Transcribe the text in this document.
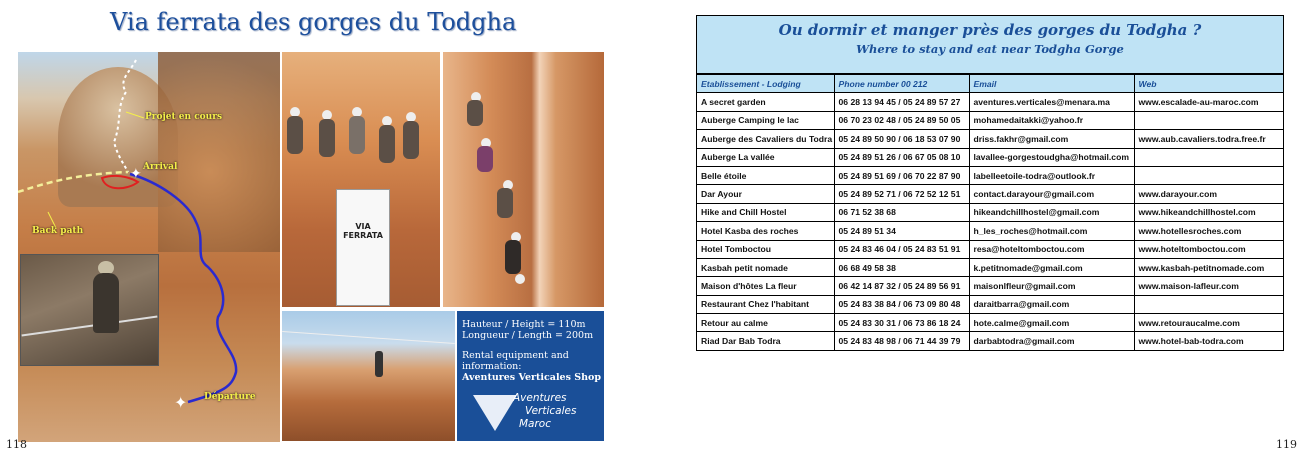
Via ferrata des gorges du Todgha
✦
✦
Projet en cours
Arrival
Back path
Départure
VIA FERRATA

Hauteur / Height = 110m
Longueur / Length = 200m

Rental equipment and information:
Aventures Verticales Shop

Aventures
Verticales
Maroc
118
Ou dormir et manger près des gorges du Todgha ?
Where to stay and eat near Todgha Gorge
Etablissement - Lodging	Phone number 00 212	Email	Web
A secret garden	06 28 13 94 45 / 05 24 89 57 27	aventures.verticales@menara.ma	www.escalade-au-maroc.com
Auberge Camping le lac	06 70 23 02 48 / 05 24 89 50 05	mohamedaitakki@yahoo.fr	
Auberge des Cavaliers du Todra	05 24 89 50 90 / 06 18 53 07 90	driss.fakhr@gmail.com	www.aub.cavaliers.todra.free.fr
Auberge La vallée	05 24 89 51 26 / 06 67 05 08 10	lavallee-gorgestoudgha@hotmail.com	
Belle étoile	05 24 89 51 69 / 06 70 22 87 90	labelleetoile-todra@outlook.fr	
Dar Ayour	05 24 89 52 71 / 06 72 52 12 51	contact.darayour@gmail.com	www.darayour.com
Hike and Chill Hostel	06 71 52 38 68	hikeandchillhostel@gmail.com	www.hikeandchillhostel.com
Hotel Kasba des roches	05 24 89 51 34	h_les_roches@hotmail.com	www.hotellesroches.com
Hotel Tomboctou	05 24 83 46 04 / 05 24 83 51 91	resa@hoteltomboctou.com	www.hoteltomboctou.com
Kasbah petit nomade	06 68 49 58 38	k.petitnomade@gmail.com	www.kasbah-petitnomade.com
Maison d'hôtes La fleur	06 42 14 87 32 / 05 24 89 56 91	maisonlfleur@gmail.com	www.maison-lafleur.com
Restaurant Chez l'habitant	05 24 83 38 84 / 06 73 09 80 48	daraitbarra@gmail.com	
Retour au calme	05 24 83 30 31 / 06 73 86 18 24	hote.calme@gmail.com	www.retouraucalme.com
Riad Dar Bab Todra	05 24 83 48 98 / 06 71 44 39 79	darbabtodra@gmail.com	www.hotel-bab-todra.com
119
